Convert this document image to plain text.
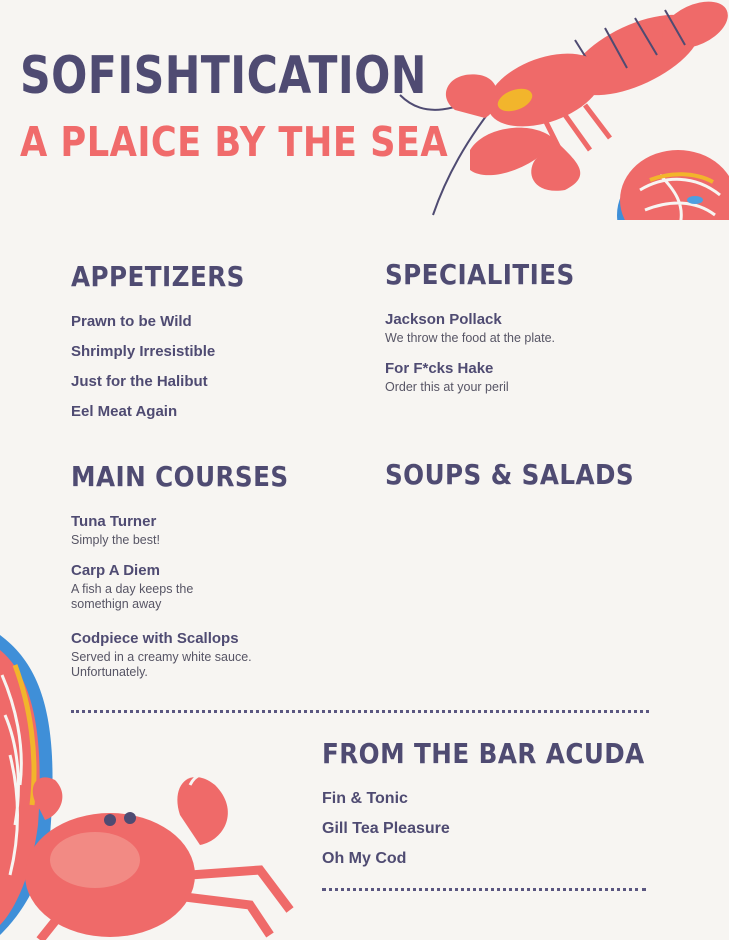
SOFISHTICATION
A PLAICE BY THE SEA
APPETIZERS
Prawn to be Wild
Shrimply Irresistible
Just for the Halibut
Eel Meat Again
SPECIALITIES
Jackson Pollack
We throw the food at the plate.
For F*cks Hake
Order this at your peril
MAIN COURSES
Tuna Turner
Simply the best!
Carp A Diem
A fish a day keeps the
somethign away
Codpiece with Scallops
Served in a creamy white sauce.
Unfortunately.
SOUPS & SALADS
FROM THE BAR ACUDA
Fin & Tonic
Gill Tea Pleasure
Oh My Cod
